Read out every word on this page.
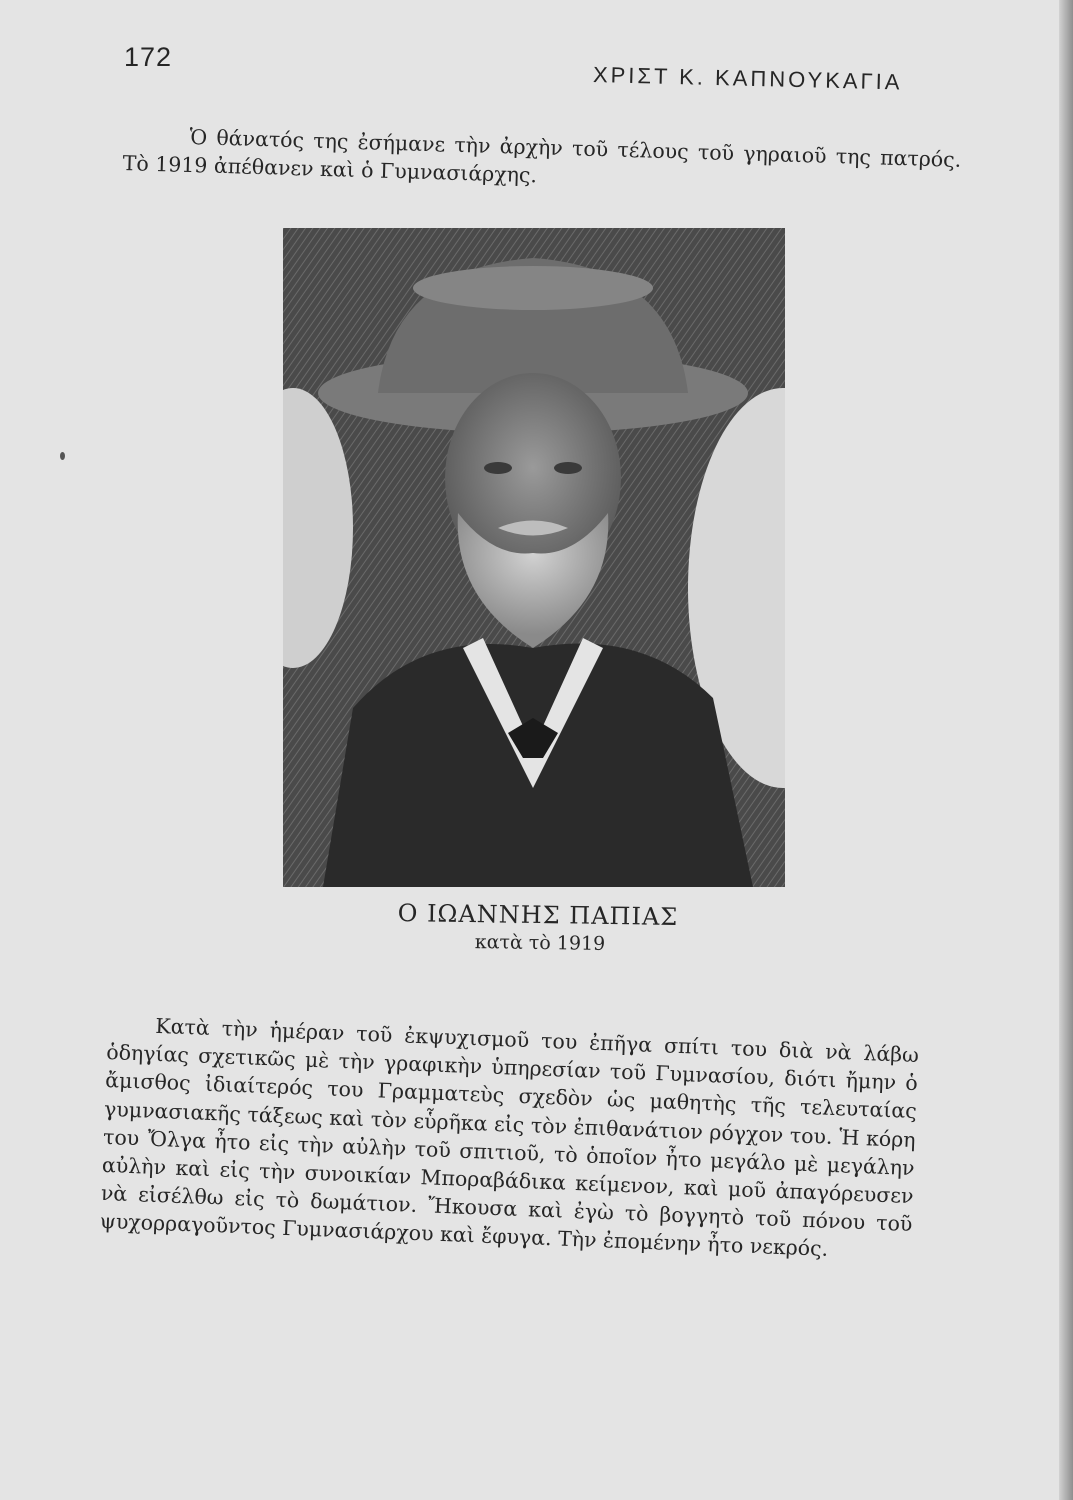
172
ΧΡΙΣΤ Κ. ΚΑΠΝΟΥΚΑΓΙΑ

Ὁ θάνατός της ἐσήμανε τὴν ἀρχὴν τοῦ τέλους τοῦ γηραιοῦ της πατρός. Τὸ 1919 ἀπέθανεν καὶ ὁ Γυμνασιάρχης.

Ο ΙΩΑΝΝΗΣ ΠΑΠΙΑΣ
κατὰ τὸ 1919

Κατὰ τὴν ἡμέραν τοῦ ἐκψυχισμοῦ του ἐπῆγα σπίτι του διὰ νὰ λάβω ὁδηγίας σχετικῶς μὲ τὴν γραφικὴν ὑπηρεσίαν τοῦ Γυμνασίου, διότι ἤμην ὁ ἄμισθος ἰδιαίτερός του Γραμματεὺς σχεδὸν ὡς μαθητὴς τῆς τελευταίας γυμνασιακῆς τάξεως καὶ τὸν εὗρῆκα εἰς τὸν ἐπιθανάτιον ρόγχον του. Ἡ κόρη του Ὄλγα ἦτο εἰς τὴν αὐλὴν τοῦ σπιτιοῦ, τὸ ὁποῖον ἦτο μεγάλο μὲ μεγάλην αὐλὴν καὶ εἰς τὴν συνοικίαν Μποραβάδικα κείμενον, καὶ μοῦ ἀπαγόρευσεν νὰ εἰσέλθω εἰς τὸ δωμάτιον. Ἤκουσα καὶ ἐγὼ τὸ βογγητὸ τοῦ πόνου τοῦ ψυχορραγοῦντος Γυμνασιάρχου καὶ ἔφυγα. Τὴν ἐπομένην ἦτο νεκρός.
